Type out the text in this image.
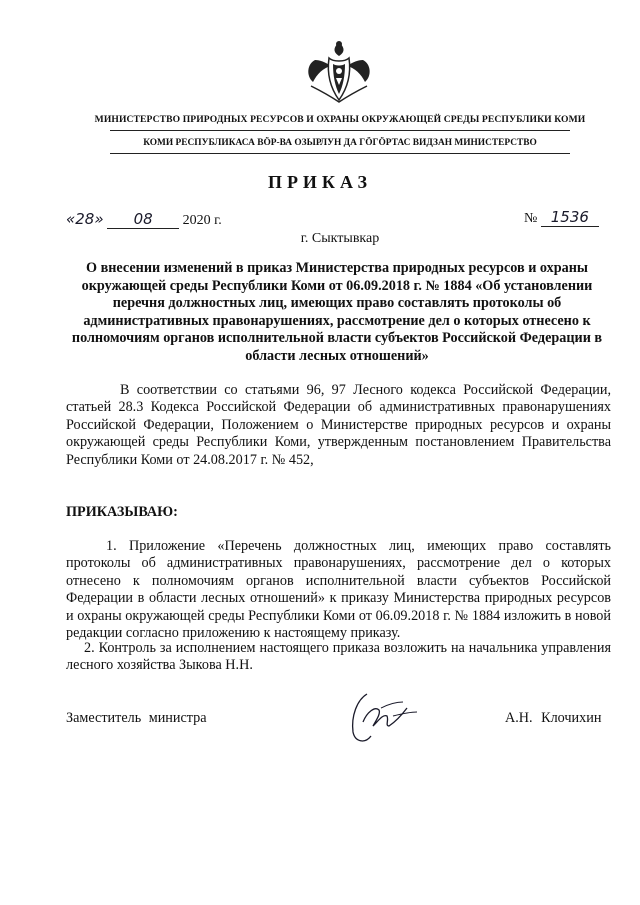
МИНИСТЕРСТВО ПРИРОДНЫХ РЕСУРСОВ И ОХРАНЫ ОКРУЖАЮЩЕЙ СРЕДЫ РЕСПУБЛИКИ КОМИ
КОМИ РЕСПУБЛИКАСА ВӦР-ВА ОЗЫРЛУН ДА ГӦГӦРТАС ВИДЗАН МИНИСТЕРСТВО
ПРИКАЗ
«28» 08 2020 г.	№ 1536
г. Сыктывкар
О внесении изменений в приказ Министерства природных ресурсов и охраны окружающей среды Республики Коми от 06.09.2018 г. № 1884 «Об установлении перечня должностных лиц, имеющих право составлять протоколы об административных правонарушениях, рассмотрение дел о которых отнесено к полномочиям органов исполнительной власти субъектов Российской Федерации в области лесных отношений»
В соответствии со статьями 96, 97 Лесного кодекса Российской Федерации, статьей 28.3 Кодекса Российской Федерации об административных правонарушениях Российской Федерации, Положением о Министерстве природных ресурсов и охраны окружающей среды Республики Коми, утвержденным постановлением Правительства Республики Коми от 24.08.2017 г. № 452,
ПРИКАЗЫВАЮ:
1. Приложение «Перечень должностных лиц, имеющих право составлять протоколы об административных правонарушениях, рассмотрение дел о которых отнесено к полномочиям органов исполнительной власти субъектов Российской Федерации в области лесных отношений» к приказу Министерства природных ресурсов и охраны окружающей среды Республики Коми от 06.09.2018 г. № 1884 изложить в новой редакции согласно приложению к настоящему приказу.
2. Контроль за исполнением настоящего приказа возложить на начальника управления лесного хозяйства Зыкова Н.Н.
Заместитель министра	А.Н. Клочихин
